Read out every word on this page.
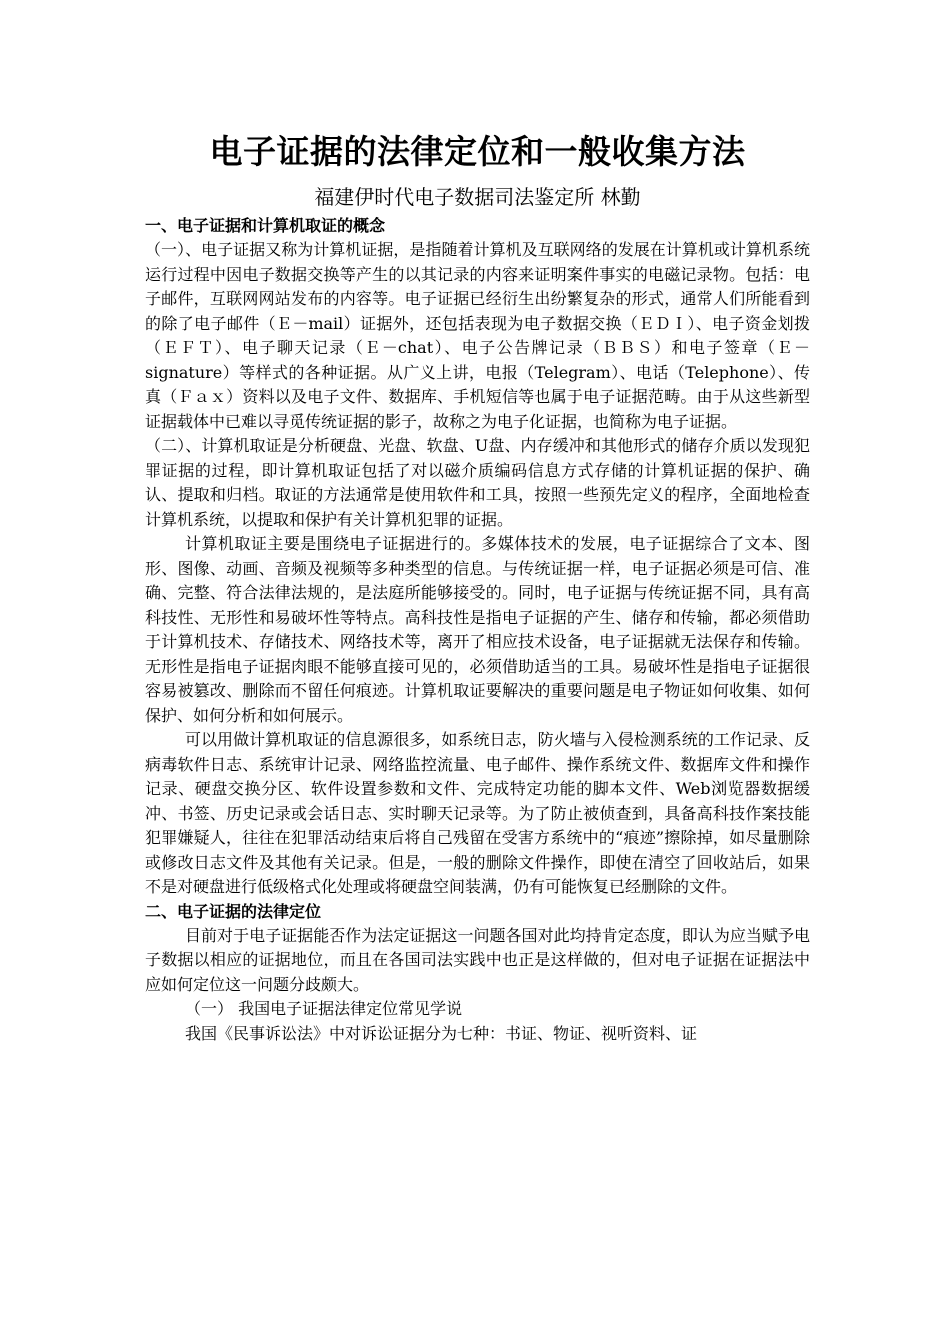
电子证据的法律定位和一般收集方法

福建伊时代电子数据司法鉴定所 林勤

一、电子证据和计算机取证的概念

（一）、电子证据又称为计算机证据，是指随着计算机及互联网络的发展在计算机或计算机系统运行过程中因电子数据交换等产生的以其记录的内容来证明案件事实的电磁记录物。包括：电子邮件，互联网网站发布的内容等。电子证据已经衍生出纷繁复杂的形式，通常人们所能看到的除了电子邮件（Ｅ－mail）证据外，还包括表现为电子数据交换（ＥＤＩ）、电子资金划拨（ＥＦＴ）、电子聊天记录（Ｅ－chat）、电子公告牌记录（ＢＢＳ）和电子签章（Ｅ－signature）等样式的各种证据。从广义上讲，电报（Telegram）、电话（Telephone）、传真（Ｆａｘ）资料以及电子文件、数据库、手机短信等也属于电子证据范畴。由于从这些新型证据载体中已难以寻觅传统证据的影子，故称之为电子化证据，也简称为电子证据。

（二）、计算机取证是分析硬盘、光盘、软盘、U盘、内存缓冲和其他形式的储存介质以发现犯罪证据的过程，即计算机取证包括了对以磁介质编码信息方式存储的计算机证据的保护、确认、提取和归档。取证的方法通常是使用软件和工具，按照一些预先定义的程序，全面地检查计算机系统，以提取和保护有关计算机犯罪的证据。

计算机取证主要是围绕电子证据进行的。多媒体技术的发展，电子证据综合了文本、图形、图像、动画、音频及视频等多种类型的信息。与传统证据一样，电子证据必须是可信、准确、完整、符合法律法规的，是法庭所能够接受的。同时，电子证据与传统证据不同，具有高科技性、无形性和易破坏性等特点。高科技性是指电子证据的产生、储存和传输，都必须借助于计算机技术、存储技术、网络技术等，离开了相应技术设备，电子证据就无法保存和传输。无形性是指电子证据肉眼不能够直接可见的，必须借助适当的工具。易破坏性是指电子证据很容易被篡改、删除而不留任何痕迹。计算机取证要解决的重要问题是电子物证如何收集、如何保护、如何分析和如何展示。

可以用做计算机取证的信息源很多，如系统日志，防火墙与入侵检测系统的工作记录、反病毒软件日志、系统审计记录、网络监控流量、电子邮件、操作系统文件、数据库文件和操作记录、硬盘交换分区、软件设置参数和文件、完成特定功能的脚本文件、Web浏览器数据缓冲、书签、历史记录或会话日志、实时聊天记录等。为了防止被侦查到，具备高科技作案技能犯罪嫌疑人，往往在犯罪活动结束后将自己残留在受害方系统中的“痕迹”擦除掉，如尽量删除或修改日志文件及其他有关记录。但是，一般的删除文件操作，即使在清空了回收站后，如果不是对硬盘进行低级格式化处理或将硬盘空间装满，仍有可能恢复已经删除的文件。

二、电子证据的法律定位

目前对于电子证据能否作为法定证据这一问题各国对此均持肯定态度，即认为应当赋予电子数据以相应的证据地位，而且在各国司法实践中也正是这样做的，但对电子证据在证据法中应如何定位这一问题分歧颇大。

（一） 我国电子证据法律定位常见学说

我国《民事诉讼法》中对诉讼证据分为七种：书证、物证、视听资料、证
